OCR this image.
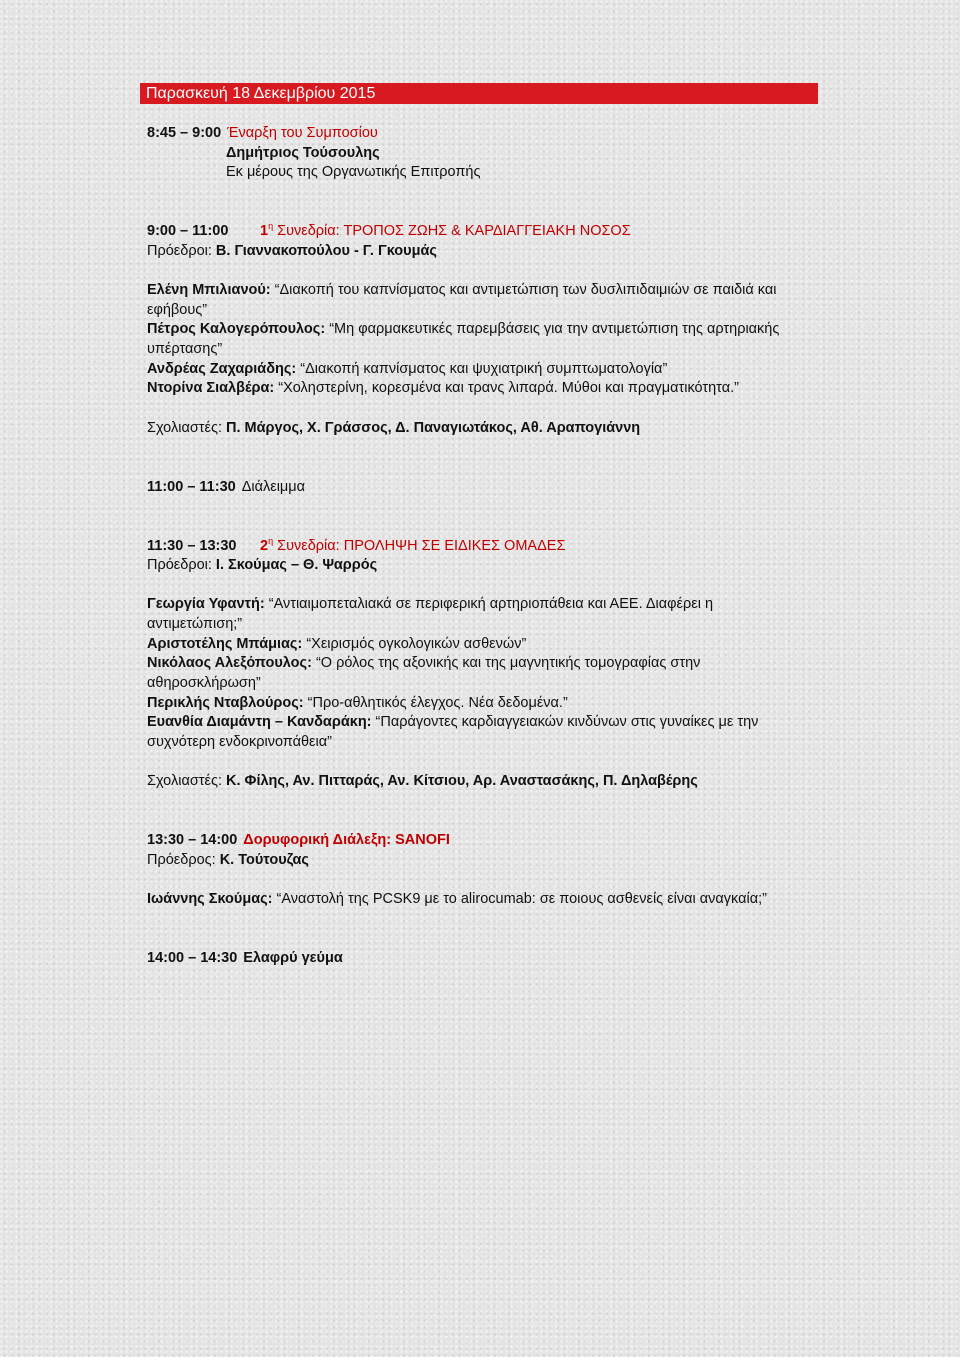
Παρασκευή 18 Δεκεμβρίου 2015
8:45 – 9:00 Έναρξη του Συμποσίου
Δημήτριος Τούσουλης
Εκ μέρους της Οργανωτικής Επιτροπής
9:00 – 11:00 $1^\eta$ Συνεδρία: ΤΡΟΠΟΣ ΖΩΗΣ & ΚΑΡΔΙΑΓΓΕΙΑΚΗ ΝΟΣΟΣ
Πρόεδροι: Β. Γιαννακοπούλου - Γ. Γκουμάς
Ελένη Μπιλιανού: “Διακοπή του καπνίσματος και αντιμετώπιση των δυσλιπιδαιμιών σε παιδιά και
εφήβους”
Πέτρος Καλογερόπουλος: “Μη φαρμακευτικές παρεμβάσεις για την αντιμετώπιση της αρτηριακής
υπέρτασης”
Ανδρέας Ζαχαριάδης: “Διακοπή καπνίσματος και ψυχιατρική συμπτωματολογία”
Ντορίνα Σιαλβέρα: “Χοληστερίνη, κορεσμένα και τρανς λιπαρά. Μύθοι και πραγματικότητα.”
Σχολιαστές: Π. Μάργος, Χ. Γράσσος, Δ. Παναγιωτάκος, Αθ. Αραπογιάννη
11:00 – 11:30 Διάλειμμα
11:30 – 13:30 $2^\eta$ Συνεδρία: ΠΡΟΛΗΨΗ ΣΕ ΕΙΔΙΚΕΣ ΟΜΑΔΕΣ
Πρόεδροι: Ι. Σκούμας – Θ. Ψαρρός
Γεωργία Υφαντή: “Αντιαιμοπεταλιακά σε περιφερική αρτηριοπάθεια και ΑΕΕ. Διαφέρει η
αντιμετώπιση;”
Αριστοτέλης Μπάμιας: “Χειρισμός ογκολογικών ασθενών”
Νικόλαος Αλεξόπουλος: “Ο ρόλος της αξονικής και της μαγνητικής τομογραφίας στην
αθηροσκλήρωση”
Περικλής Νταβλούρος: “Προ-αθλητικός έλεγχος. Νέα δεδομένα.”
Ευανθία Διαμάντη – Κανδαράκη: “Παράγοντες καρδιαγγειακών κινδύνων στις γυναίκες με την
συχνότερη ενδοκρινοπάθεια”
Σχολιαστές: Κ. Φίλης, Αν. Πιτταράς, Αν. Κίτσιου, Αρ. Αναστασάκης, Π. Δηλαβέρης
13:30 – 14:00 Δορυφορική Διάλεξη: SANOFI
Πρόεδρος: Κ. Τούτουζας
Ιωάννης Σκούμας: “Αναστολή της PCSK9 με το alirocumab: σε ποιους ασθενείς είναι αναγκαία;”
14:00 – 14:30 Ελαφρύ γεύμα
